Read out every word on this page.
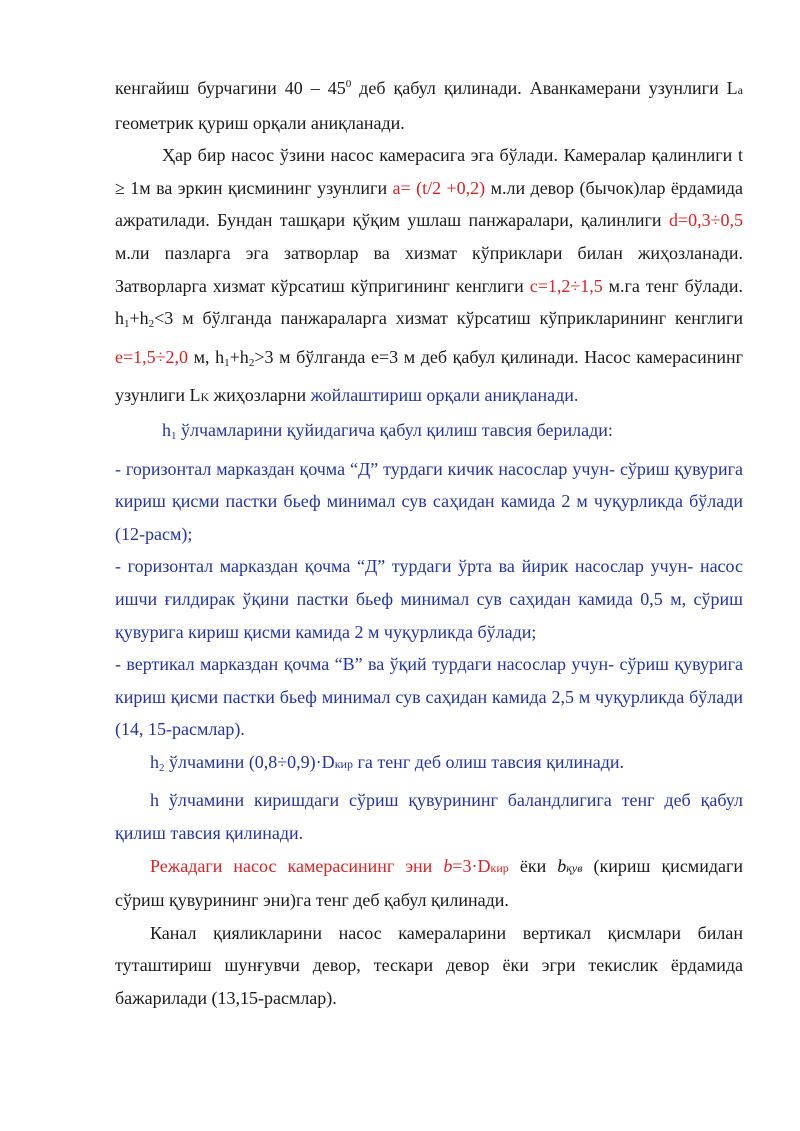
кенгайиш бурчагини $40 - 45^0$ деб қабул қилинади. Аванкамерани узунлиги La геометрик қуриш орқали аниқланади.

Ҳар бир насос ўзини насос камерасига эга бўлади. Камералар қалинлиги t ≥ 1м ва эркин қисмининг узунлиги a= (t/2 +0,2) м.ли девор (бычок)лар ёрдамида ажратилади. Бундан ташқари қўқим ушлаш панжаралари, қалинлиги d=0,3÷0,5 м.ли пазларга эга затворлар ва хизмат кўприклари билан жиҳозланади. Затворларга хизмат кўрсатиш кўпригининг кенглиги c=1,2÷1,5 м.га тенг бўлади. $h_1+h_2<3$ м бўлганда панжараларга хизмат кўрсатиш кўприкларининг кенглиги e=1,5÷2,0 м, $h_1+h_2>3$ м бўлганда e=3 м деб қабул қилинади. Насос камерасининг узунлиги LK жиҳозларни жойлаштириш орқали аниқланади.

$h_1$ ўлчамларини қуйидагича қабул қилиш тавсия берилади:

- горизонтал марказдан қочма “Д” турдаги кичик насослар учун- сўриш қувурига кириш қисми пастки бьеф минимал сув саҳидан камида 2 м чуқурликда бўлади (12-расм);

- горизонтал марказдан қочма “Д” турдаги ўрта ва йирик насослар учун- насос ишчи ғилдирак ўқини пастки бьеф минимал сув саҳидан камида 0,5 м, сўриш қувурига кириш қисми камида 2 м чуқурликда бўлади;

- вертикал марказдан қочма “В” ва ўқий турдаги насослар учун- сўриш қувурига кириш қисми пастки бьеф минимал сув саҳидан камида 2,5 м чуқурликда бўлади (14, 15-расмлар).

$h_2$ ўлчамини (0,8÷0,9)·Dкир га тенг деб олиш тавсия қилинади.

h ўлчамини киришдаги сўриш қувурининг баландлигига тенг деб қабул қилиш тавсия қилинади.

Режадаги насос камерасининг эни b=3·Dкир ёки bқув (кириш қисмидаги сўриш қувурининг эни)га тенг деб қабул қилинади.

Канал қияликларини насос камераларини вертикал қисмлари билан туташтириш шунғувчи девор, тескари девор ёки эгри текислик ёрдамида бажарилади (13,15-расмлар).
